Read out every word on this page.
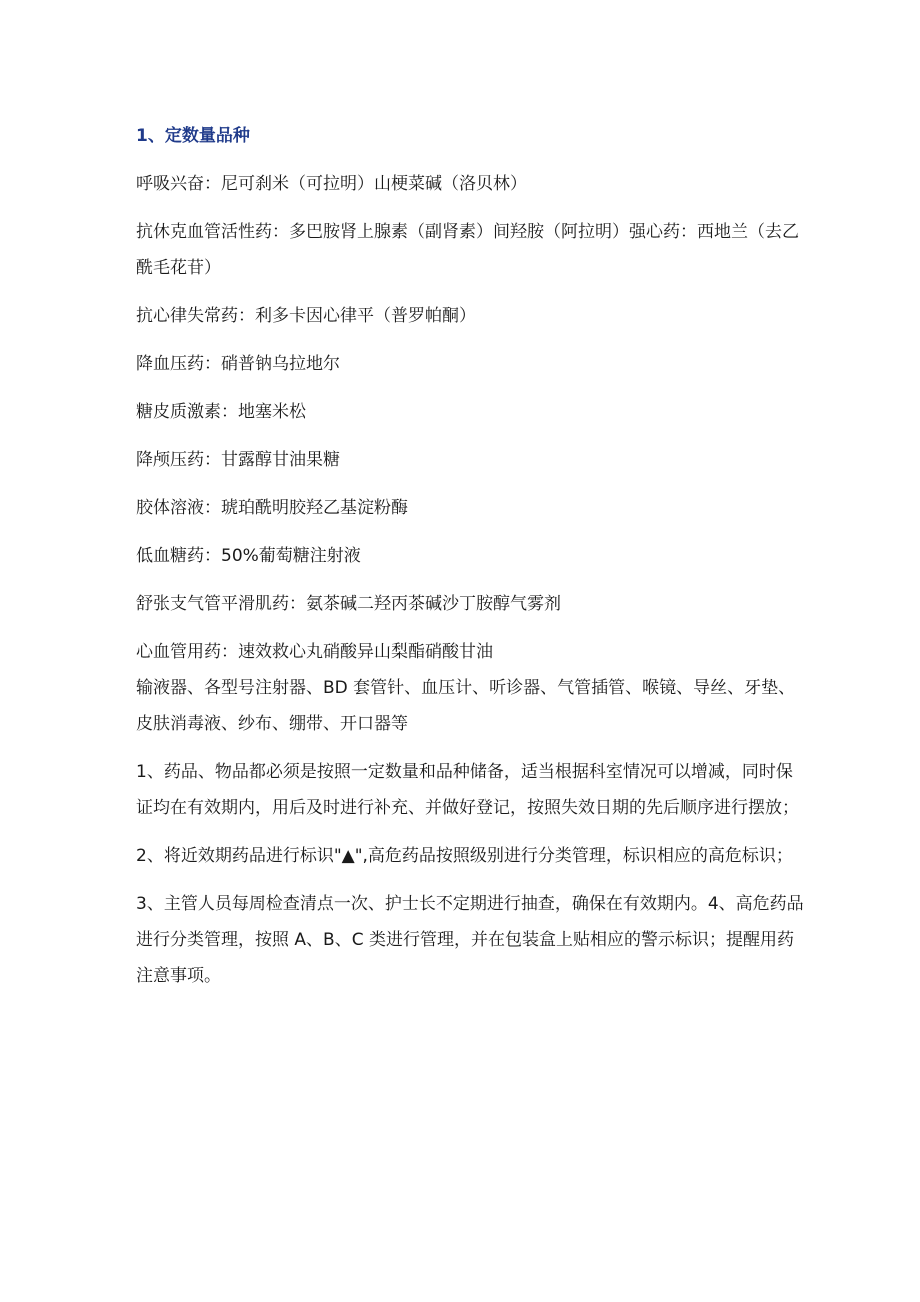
1、定数量品种
呼吸兴奋：尼可刹米（可拉明）山梗菜碱（洛贝林）
抗休克血管活性药：多巴胺肾上腺素（副肾素）间羟胺（阿拉明）强心药：西地兰（去乙酰毛花苷）
抗心律失常药：利多卡因心律平（普罗帕酮）
降血压药：硝普钠乌拉地尔
糖皮质激素：地塞米松
降颅压药：甘露醇甘油果糖
胶体溶液：琥珀酰明胶羟乙基淀粉酶
低血糖药：50%葡萄糖注射液
舒张支气管平滑肌药：氨茶碱二羟丙茶碱沙丁胺醇气雾剂
心血管用药：速效救心丸硝酸异山梨酯硝酸甘油
输液器、各型号注射器、BD 套管针、血压计、听诊器、气管插管、喉镜、导丝、牙垫、皮肤消毒液、纱布、绷带、开口器等
1、药品、物品都必须是按照一定数量和品种储备，适当根据科室情况可以增减，同时保证均在有效期内，用后及时进行补充、并做好登记，按照失效日期的先后顺序进行摆放；
2、将近效期药品进行标识"▲",高危药品按照级别进行分类管理，标识相应的高危标识；
3、主管人员每周检查清点一次、护士长不定期进行抽查，确保在有效期内。4、高危药品进行分类管理，按照 A、B、C 类进行管理，并在包装盒上贴相应的警示标识；提醒用药注意事项。
